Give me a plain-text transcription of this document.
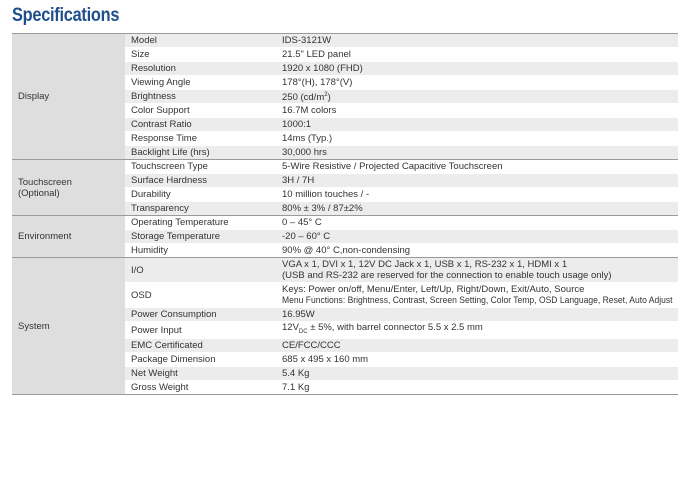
Specifications
Display	Model	IDS-3121W
	Size	21.5" LED panel
	Resolution	1920 x 1080 (FHD)
	Viewing Angle	178°(H), 178°(V)
	Brightness	250 $(cd/m^2)$
	Color Support	16.7M colors
	Contrast Ratio	1000:1
	Response Time	14ms (Typ.)
	Backlight Life (hrs)	30,000 hrs

Touchscreen
(Optional)	Touchscreen Type	5-Wire Resistive / Projected Capacitive Touchscreen
	Surface Hardness	3H / 7H
	Durability	10 million touches / -
	Transparency	80% ± 3% / 87±2%
Environment	Operating Temperature	0 – 45° C
	Storage Temperature	-20 – 60° C
	Humidity	90% @ 40° C,non-condensing
System	I/O	VGA x 1, DVI x 1, 12V DC Jack x 1, USB x 1, RS-232 x 1, HDMI x 1
(USB and RS-232 are reserved for the connection to enable touch usage only)

	OSD	Keys: Power on/off, Menu/Enter, Left/Up, Right/Down, Exit/Auto, Source
Menu Functions: Brightness, Contrast, Screen Setting, Color Temp, OSD Language, Reset, Auto Adjust

	Power Consumption	16.95W
	Power Input	$12V_{DC} \pm 5\%$, with barrel connector 5.5 x 2.5 mm
	EMC Certificated	CE/FCC/CCC
	Package Dimension	685 x 495 x 160 mm
	Net Weight	5.4 Kg
	Gross Weight	7.1 Kg
